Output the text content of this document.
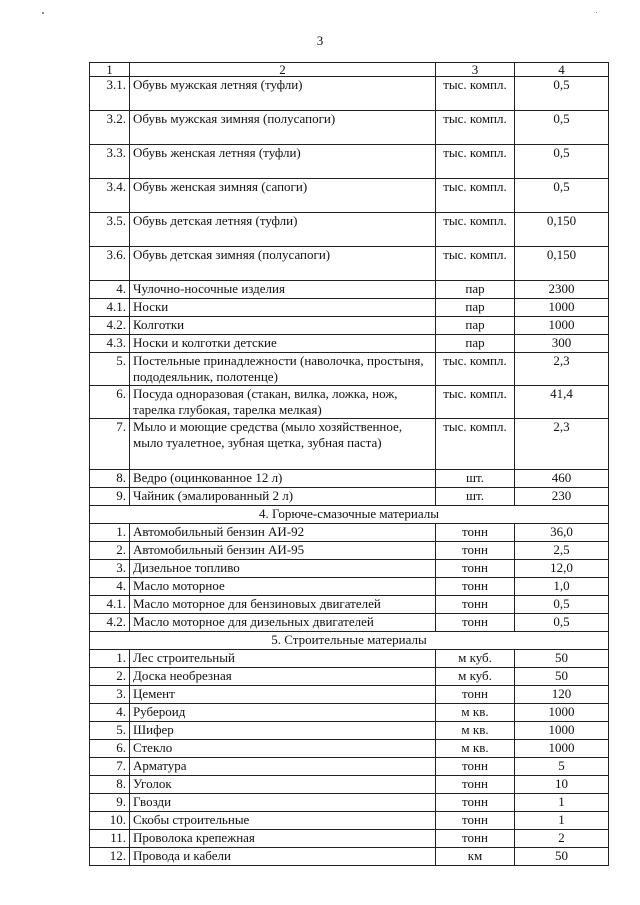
3
1	2	3	4
3.1.	Обувь мужская летняя (туфли)	тыс. компл.	0,5
3.2.	Обувь мужская зимняя (полусапоги)	тыс. компл.	0,5
3.3.	Обувь женская летняя (туфли)	тыс. компл.	0,5
3.4.	Обувь женская зимняя (сапоги)	тыс. компл.	0,5
3.5.	Обувь детская летняя (туфли)	тыс. компл.	0,150
3.6.	Обувь детская зимняя (полусапоги)	тыс. компл.	0,150
4.	Чулочно-носочные изделия	пар	2300
4.1.	Носки	пар	1000
4.2.	Колготки	пар	1000
4.3.	Носки и колготки детские	пар	300
5.	Постельные принадлежности (наволочка, простыня, пододеяльник, полотенце)	тыс. компл.	2,3
6.	Посуда одноразовая (стакан, вилка, ложка, нож, тарелка глубокая, тарелка мелкая)	тыс. компл.	41,4
7.	Мыло и моющие средства (мыло хозяйственное, мыло туалетное, зубная щетка, зубная паста)	тыс. компл.	2,3
8.	Ведро (оцинкованное 12 л)	шт.	460
9.	Чайник (эмалированный 2 л)	шт.	230
4. Горюче-смазочные материалы			
1.	Автомобильный бензин АИ-92	тонн	36,0
2.	Автомобильный бензин АИ-95	тонн	2,5
3.	Дизельное топливо	тонн	12,0
4.	Масло моторное	тонн	1,0
4.1.	Масло моторное для бензиновых двигателей	тонн	0,5
4.2.	Масло моторное для дизельных двигателей	тонн	0,5
5. Строительные материалы			
1.	Лес строительный	м куб.	50
2.	Доска необрезная	м куб.	50
3.	Цемент	тонн	120
4.	Рубероид	м кв.	1000
5.	Шифер	м кв.	1000
6.	Стекло	м кв.	1000
7.	Арматура	тонн	5
8.	Уголок	тонн	10
9.	Гвозди	тонн	1
10.	Скобы строительные	тонн	1
11.	Проволока крепежная	тонн	2
12.	Провода и кабели	км	50
